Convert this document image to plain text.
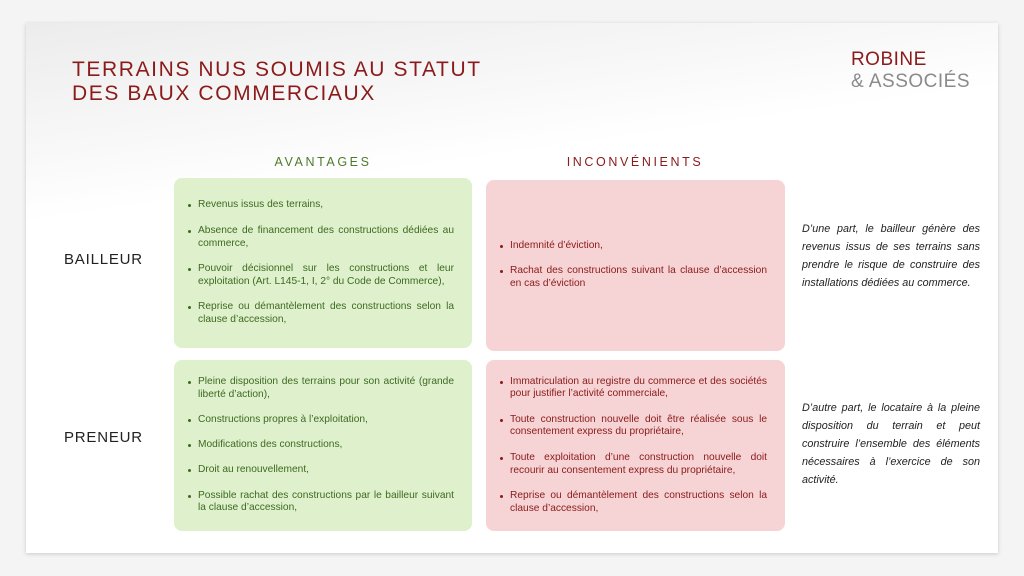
TERRAINS NUS SOUMIS AU STATUT
DES BAUX COMMERCIAUX
ROBINE
& ASSOCIÉS
AVANTAGES	INCONVÉNIENTS
BAILLEUR
Revenus issus des terrains,
Absence de financement des constructions dédiées au commerce,
Pouvoir décisionnel sur les constructions et leur exploitation (Art. L145-1, I, 2° du Code de Commerce),
Reprise ou démantèlement des constructions selon la clause d’accession,
Indemnité d’éviction,
Rachat des constructions suivant la clause d’accession en cas d’éviction
D’une part, le bailleur génère des revenus issus de ses terrains sans prendre le risque de construire des installations dédiées au commerce.
PRENEUR
Pleine disposition des terrains pour son activité (grande liberté d’action),
Constructions propres à l’exploitation,
Modifications des constructions,
Droit au renouvellement,
Possible rachat des constructions par le bailleur suivant la clause d’accession,
Immatriculation au registre du commerce et des sociétés pour justifier l’activité commerciale,
Toute construction nouvelle doit être réalisée sous le consentement express du propriétaire,
Toute exploitation d’une construction nouvelle doit recourir au consentement express du propriétaire,
Reprise ou démantèlement des constructions selon la clause d’accession,
D’autre part, le locataire à la pleine disposition du terrain et peut construire l’ensemble des éléments nécessaires à l’exercice de son activité.
